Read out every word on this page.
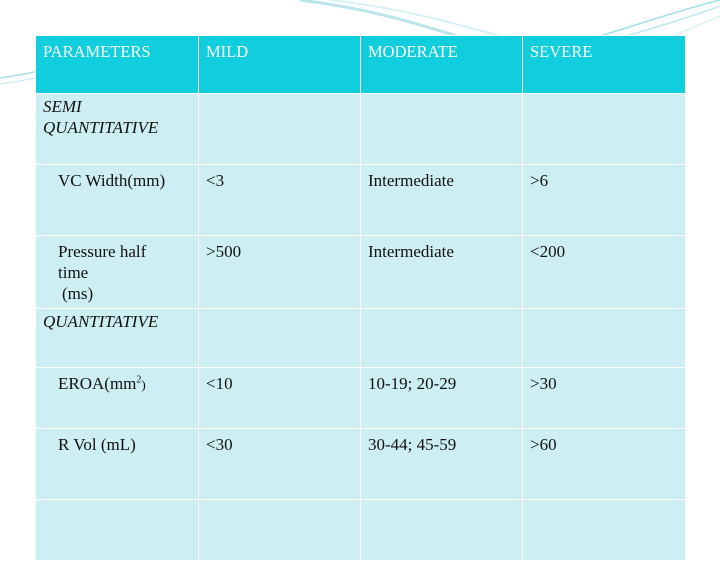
PARAMETERS	MILD	MODERATE	SEVERE
SEMI QUANTITATIVE			
VC Width(mm)	<3	Intermediate	>6

Pressure half
time
(ms)	>500	Intermediate	<200
QUANTITATIVE			
$EROA(mm^2)$	<10	10-19; 20-29	>30
R Vol (mL)	<30	30-44; 45-59	>60
